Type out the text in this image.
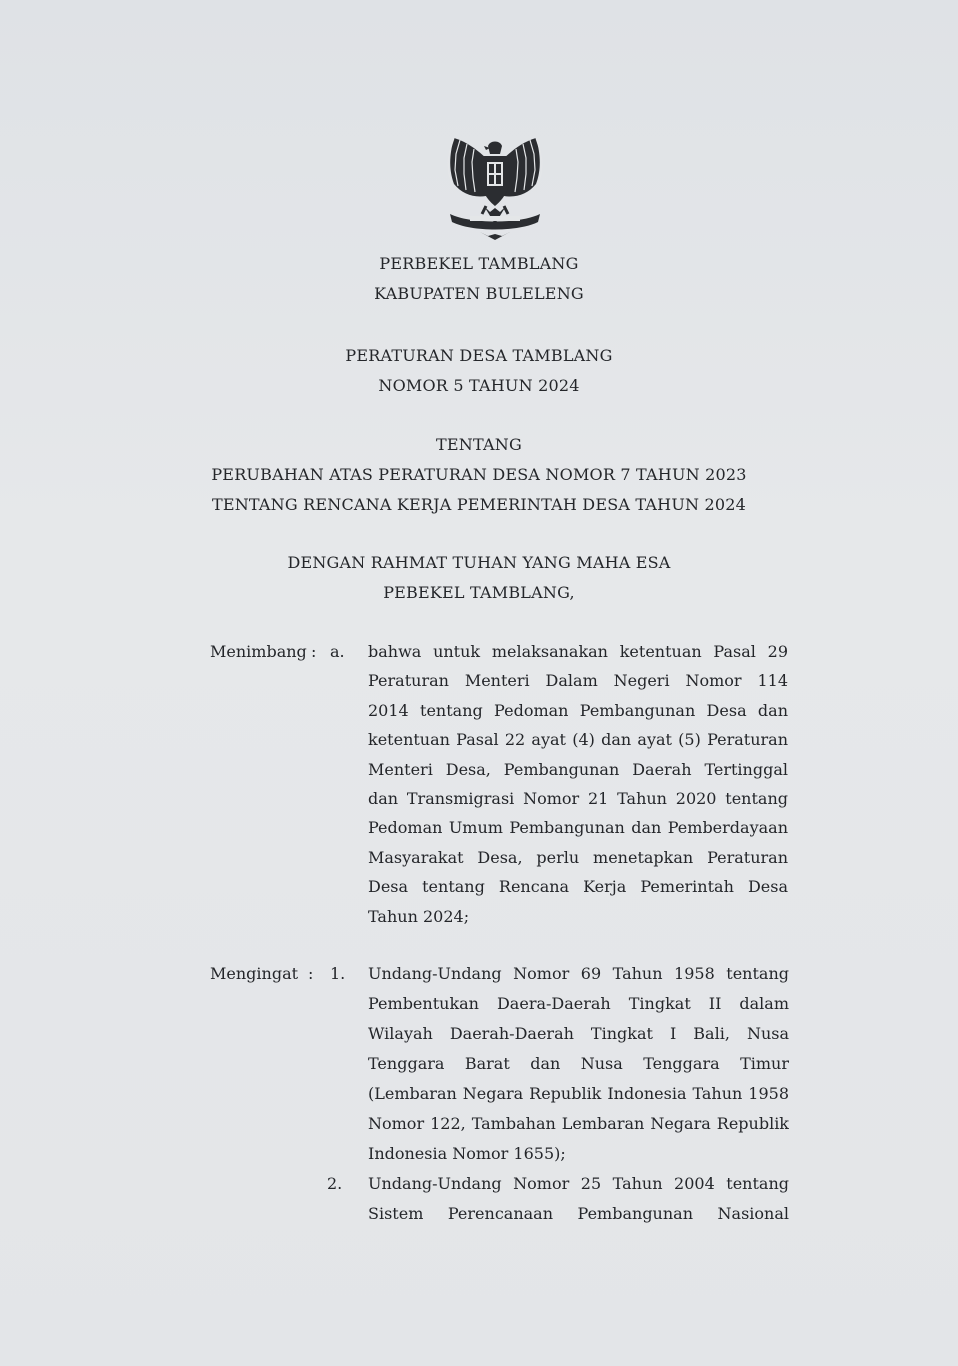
PERBEKEL TAMBLANG
KABUPATEN BULELENG
PERATURAN DESA TAMBLANG
NOMOR 5 TAHUN 2024
TENTANG
PERUBAHAN ATAS PERATURAN DESA NOMOR 7 TAHUN 2023
TENTANG RENCANA KERJA PEMERINTAH DESA TAHUN 2024
DENGAN RAHMAT TUHAN YANG MAHA ESA
PEBEKEL TAMBLANG,
Menimbang : a. bahwa untuk melaksanakan ketentuan Pasal 29
Peraturan Menteri Dalam Negeri Nomor 114
2014 tentang Pedoman Pembangunan Desa dan
ketentuan Pasal 22 ayat (4) dan ayat (5) Peraturan
Menteri Desa, Pembangunan Daerah Tertinggal
dan Transmigrasi Nomor 21 Tahun 2020 tentang
Pedoman Umum Pembangunan dan Pemberdayaan
Masyarakat Desa, perlu menetapkan Peraturan
Desa tentang Rencana Kerja Pemerintah Desa
Tahun 2024;
Mengingat : 1. Undang-Undang Nomor 69 Tahun 1958 tentang
Pembentukan Daera-Daerah Tingkat II dalam
Wilayah Daerah-Daerah Tingkat I Bali, Nusa
Tenggara Barat dan Nusa Tenggara Timur
(Lembaran Negara Republik Indonesia Tahun 1958
Nomor 122, Tambahan Lembaran Negara Republik
Indonesia Nomor 1655);
2. Undang-Undang Nomor 25 Tahun 2004 tentang
Sistem Perencanaan Pembangunan Nasional
